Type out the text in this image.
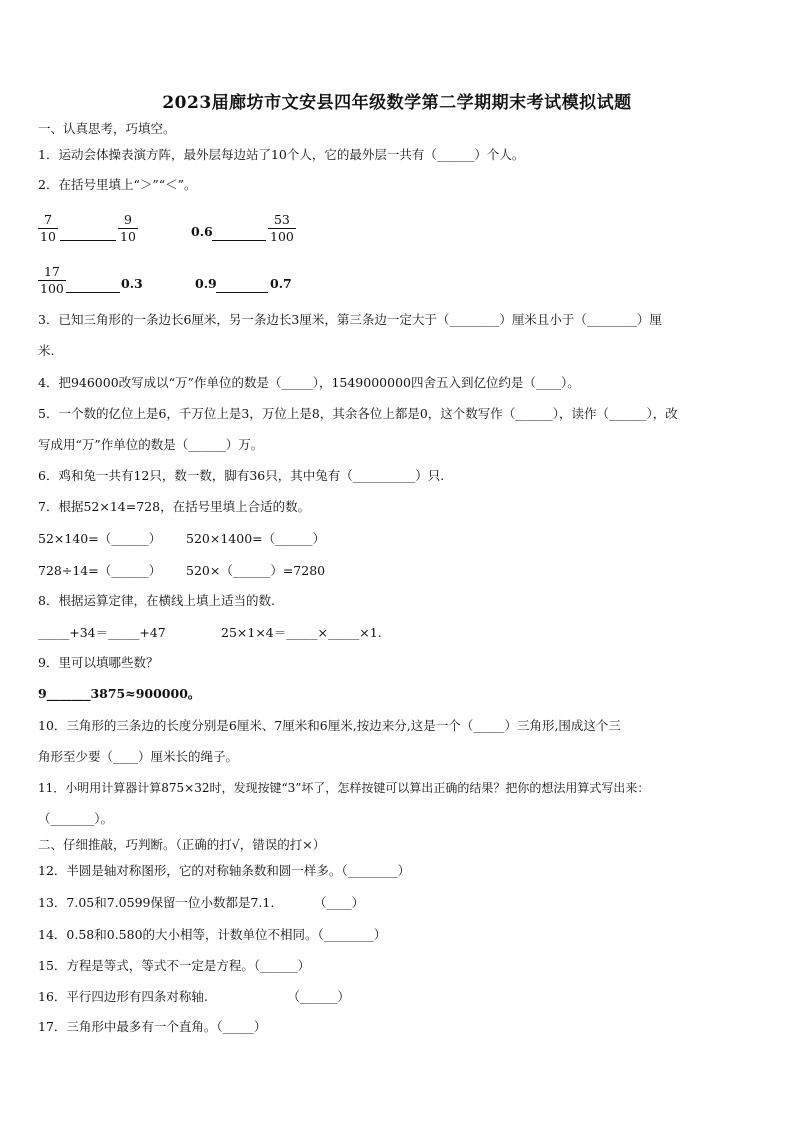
2023届廊坊市文安县四年级数学第二学期期末考试模拟试题
一、认真思考，巧填空。
1．运动会体操表演方阵，最外层每边站了10个人，它的最外层一共有（______）个人。
2．在括号里填上“＞”“＜”。
$\frac{7}{10}$	$\frac{9}{10}$	0.6	$\frac{53}{100}$
$\frac{17}{100}$	0.3	0.9	0.7
3．已知三角形的一条边长6厘米，另一条边长3厘米，第三条边一定大于（________）厘米且小于（________）厘
米.
4．把946000改写成以“万”作单位的数是（_____），1549000000四舍五入到亿位约是（____）。
5．一个数的亿位上是6，千万位上是3，万位上是8，其余各位上都是0，这个数写作（______），读作（______），改
写成用“万”作单位的数是（______）万。
6．鸡和兔一共有12只，数一数，脚有36只，其中兔有（__________）只.
7．根据52×14=728，在括号里填上合适的数。
52×140=（______） 520×1400=（______）
728÷14=（______） 520×（______）=7280
8．根据运算定律，在横线上填上适当的数.
_____+34＝_____+47	25×1×4＝_____×_____×1.
9．里可以填哪些数？
9_______3875≈900000。
10．三角形的三条边的长度分别是6厘米、7厘米和6厘米,按边来分,这是一个（_____）三角形,围成这个三
角形至少要（____）厘米长的绳子。
11．小明用计算器计算875×32时，发现按键“3”坏了，怎样按键可以算出正确的结果？把你的想法用算式写出来：
（_______）。
二、仔细推敲，巧判断。（正确的打√，错误的打×）
12．半圆是轴对称图形，它的对称轴条数和圆一样多。（________）
13．7.05和7.0599保留一位小数都是7.1.          （____）
14．0.58和0.580的大小相等，计数单位不相同。（________）
15．方程是等式，等式不一定是方程。（______）
16．平行四边形有四条对称轴.                    （______）
17．三角形中最多有一个直角。（_____）
